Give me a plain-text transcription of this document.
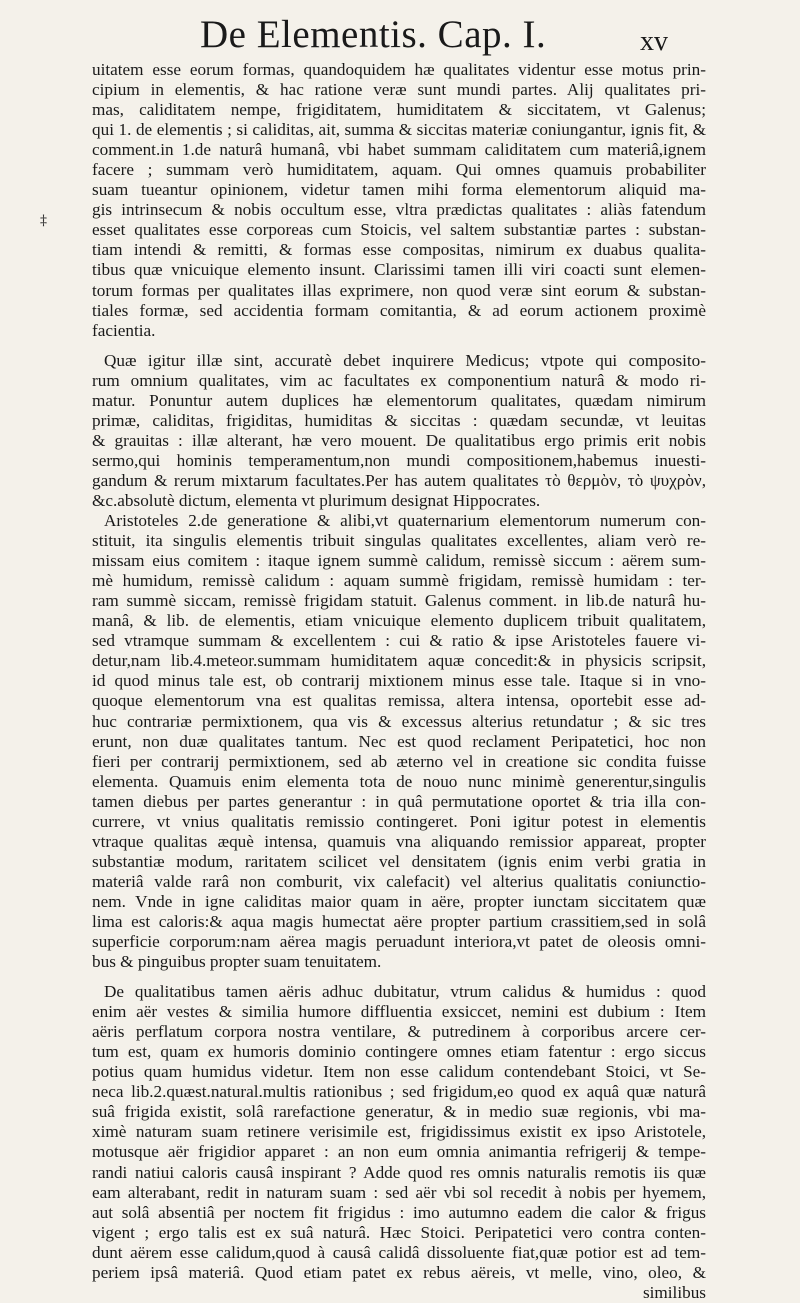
De Elementis. Cap. I.	xv
‡
uitatem esse eorum formas, quandoquidem hæ qualitates videntur esse motus prin-
cipium in elementis, & hac ratione veræ sunt mundi partes. Alij qualitates pri-
mas, caliditatem nempe, frigiditatem, humiditatem & siccitatem, vt Galenus;
qui 1. de elementis ; si caliditas, ait, summa & siccitas materiæ coniungantur, ignis fit, &
comment.in 1.de naturâ humanâ, vbi habet summam caliditatem cum materiâ,ignem
facere ; summam verò humiditatem, aquam. Qui omnes quamuis probabiliter
suam tueantur opinionem, videtur tamen mihi forma elementorum aliquid ma-
gis intrinsecum & nobis occultum esse, vltra prædictas qualitates : aliàs fatendum
esset qualitates esse corporeas cum Stoicis, vel saltem substantiæ partes : substan-
tiam intendi & remitti, & formas esse compositas, nimirum ex duabus qualita-
tibus quæ vnicuique elemento insunt. Clarissimi tamen illi viri coacti sunt elemen-
torum formas per qualitates illas exprimere, non quod veræ sint eorum & substan-
tiales formæ, sed accidentia formam comitantia, & ad eorum actionem proximè
facientia.
Quæ igitur illæ sint, accuratè debet inquirere Medicus; vtpote qui composito-
rum omnium qualitates, vim ac facultates ex componentium naturâ & modo ri-
matur. Ponuntur autem duplices hæ elementorum qualitates, quædam nimirum
primæ, caliditas, frigiditas, humiditas & siccitas : quædam secundæ, vt leuitas
& grauitas : illæ alterant, hæ vero mouent. De qualitatibus ergo primis erit nobis
sermo,qui hominis temperamentum,non mundi compositionem,habemus inuesti-
gandum & rerum mixtarum facultates.Per has autem qualitates τὸ θερμὸν, τὸ ψυχρὸν,
&c.absolutè dictum, elementa vt plurimum designat Hippocrates.
Aristoteles 2.de generatione & alibi,vt quaternarium elementorum numerum con-
stituit, ita singulis elementis tribuit singulas qualitates excellentes, aliam verò re-
missam eius comitem : itaque ignem summè calidum, remissè siccum : aërem sum-
mè humidum, remissè calidum : aquam summè frigidam, remissè humidam : ter-
ram summè siccam, remissè frigidam statuit. Galenus comment. in lib.de naturâ hu-
manâ, & lib. de elementis, etiam vnicuique elemento duplicem tribuit qualitatem,
sed vtramque summam & excellentem : cui & ratio & ipse Aristoteles fauere vi-
detur,nam lib.4.meteor.summam humiditatem aquæ concedit:& in physicis scripsit,
id quod minus tale est, ob contrarij mixtionem minus esse tale. Itaque si in vno-
quoque elementorum vna est qualitas remissa, altera intensa, oportebit esse ad-
huc contrariæ permixtionem, qua vis & excessus alterius retundatur ; & sic tres
erunt, non duæ qualitates tantum. Nec est quod reclament Peripatetici, hoc non
fieri per contrarij permixtionem, sed ab æterno vel in creatione sic condita fuisse
elementa. Quamuis enim elementa tota de nouo nunc minimè generentur,singulis
tamen diebus per partes generantur : in quâ permutatione oportet & tria illa con-
currere, vt vnius qualitatis remissio contingeret. Poni igitur potest in elementis
vtraque qualitas æquè intensa, quamuis vna aliquando remissior appareat, propter
substantiæ modum, raritatem scilicet vel densitatem (ignis enim verbi gratia in
materiâ valde rarâ non comburit, vix calefacit) vel alterius qualitatis coniunctio-
nem. Vnde in igne caliditas maior quam in aëre, propter iunctam siccitatem quæ
lima est caloris:& aqua magis humectat aëre propter partium crassitiem,sed in solâ
superficie corporum:nam aërea magis peruadunt interiora,vt patet de oleosis omni-
bus & pinguibus propter suam tenuitatem.
De qualitatibus tamen aëris adhuc dubitatur, vtrum calidus & humidus : quod
enim aër vestes & similia humore diffluentia exsiccet, nemini est dubium : Item
aëris perflatum corpora nostra ventilare, & putredinem à corporibus arcere cer-
tum est, quam ex humoris dominio contingere omnes etiam fatentur : ergo siccus
potius quam humidus videtur. Item non esse calidum contendebant Stoici, vt Se-
neca lib.2.quæst.natural.multis rationibus ; sed frigidum,eo quod ex aquâ quæ naturâ
suâ frigida existit, solâ rarefactione generatur, & in medio suæ regionis, vbi ma-
ximè naturam suam retinere verisimile est, frigidissimus existit ex ipso Aristotele,
motusque aër frigidior apparet : an non eum omnia animantia refrigerij & tempe-
randi natiui caloris causâ inspirant ? Adde quod res omnis naturalis remotis iis quæ
eam alterabant, redit in naturam suam : sed aër vbi sol recedit à nobis per hyemem,
aut solâ absentiâ per noctem fit frigidus : imo autumno eadem die calor & frigus
vigent ; ergo talis est ex suâ naturâ. Hæc Stoici. Peripatetici vero contra conten-
dunt aërem esse calidum,quod à causâ calidâ dissoluente fiat,quæ potior est ad tem-
periem ipsâ materiâ. Quod etiam patet ex rebus aëreis, vt melle, vino, oleo, &
similibus
